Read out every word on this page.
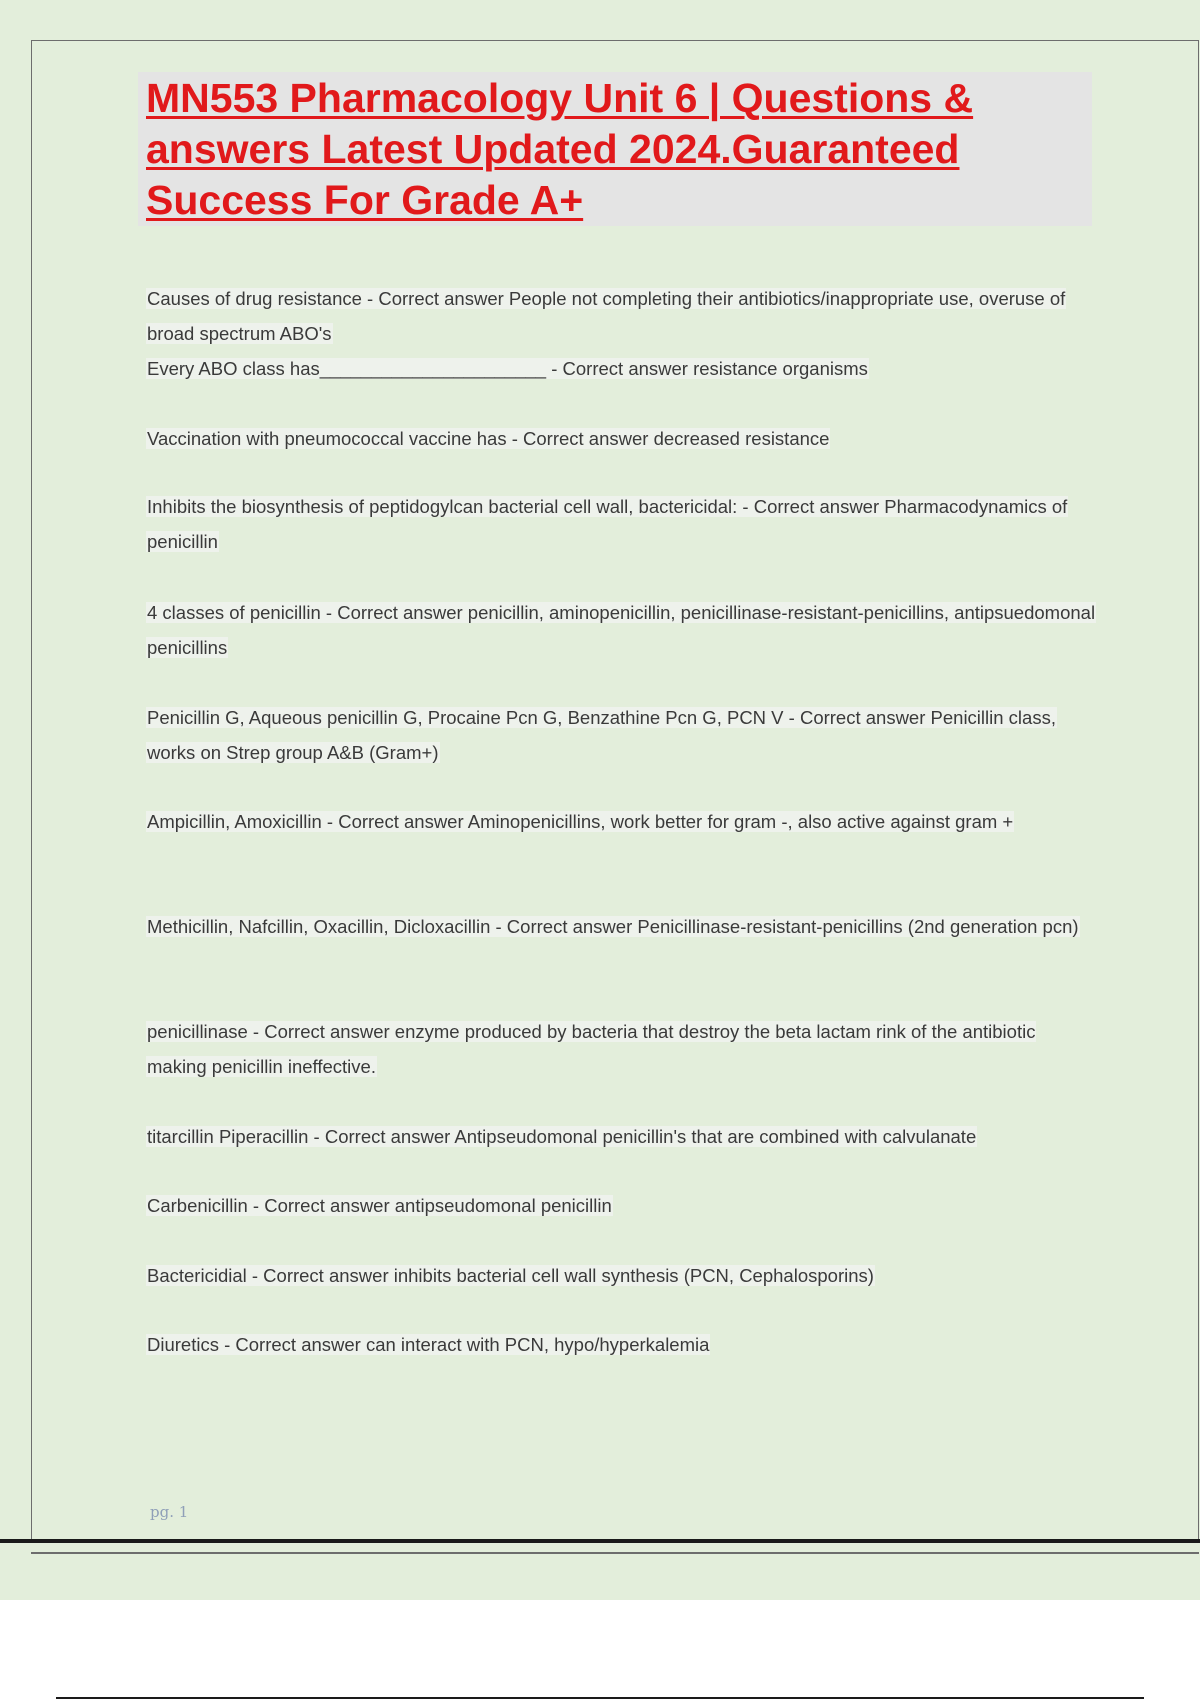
MN553 Pharmacology Unit 6 | Questions & answers Latest Updated 2024.Guaranteed Success For Grade A+
Causes of drug resistance - Correct answer People not completing their antibiotics/inappropriate use, overuse of broad spectrum ABO's
Every ABO class has______________________ - Correct answer resistance organisms
Vaccination with pneumococcal vaccine has - Correct answer decreased resistance
Inhibits the biosynthesis of peptidogylcan bacterial cell wall, bactericidal: - Correct answer Pharmacodynamics of penicillin
4 classes of penicillin - Correct answer penicillin, aminopenicillin, penicillinase-resistant-penicillins, antipsuedomonal penicillins
Penicillin G, Aqueous penicillin G, Procaine Pcn G, Benzathine Pcn G, PCN V - Correct answer Penicillin class, works on Strep group A&B (Gram+)
Ampicillin, Amoxicillin - Correct answer Aminopenicillins, work better for gram -, also active against gram +
Methicillin, Nafcillin, Oxacillin, Dicloxacillin - Correct answer Penicillinase-resistant-penicillins (2nd generation pcn)
penicillinase - Correct answer enzyme produced by bacteria that destroy the beta lactam rink of the antibiotic making penicillin ineffective.
titarcillin Piperacillin - Correct answer Antipseudomonal penicillin's that are combined with calvulanate
Carbenicillin - Correct answer antipseudomonal penicillin
Bactericidial - Correct answer inhibits bacterial cell wall synthesis (PCN, Cephalosporins)
Diuretics - Correct answer can interact with PCN, hypo/hyperkalemia
pg. 1
